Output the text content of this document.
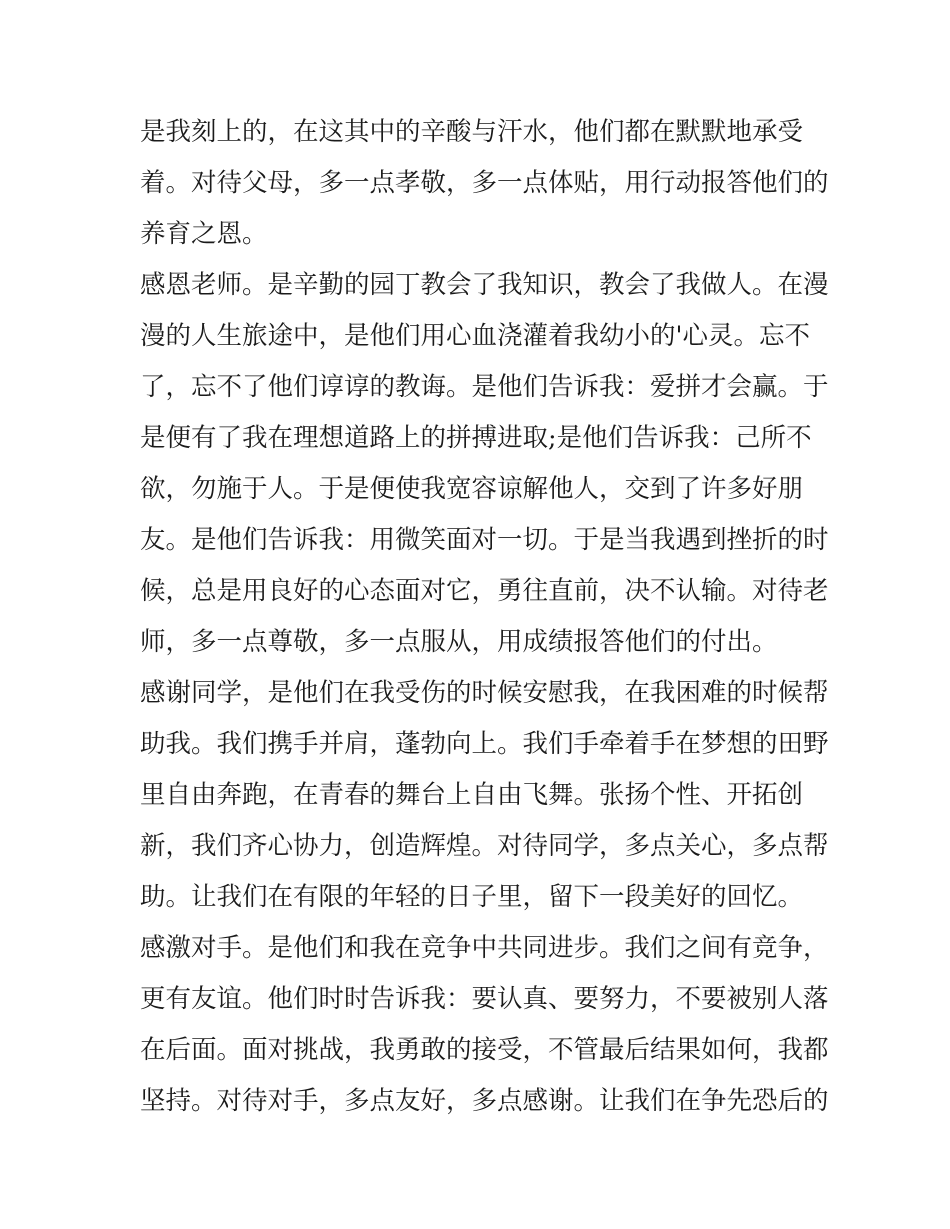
是我刻上的，在这其中的辛酸与汗水，他们都在默默地承受
着。对待父母，多一点孝敬，多一点体贴，用行动报答他们的
养育之恩。
感恩老师。是辛勤的园丁教会了我知识，教会了我做人。在漫
漫的人生旅途中，是他们用心血浇灌着我幼小的'心灵。忘不
了，忘不了他们谆谆的教诲。是他们告诉我：爱拼才会赢。于
是便有了我在理想道路上的拼搏进取;是他们告诉我：己所不
欲，勿施于人。于是便使我宽容谅解他人，交到了许多好朋
友。是他们告诉我：用微笑面对一切。于是当我遇到挫折的时
候，总是用良好的心态面对它，勇往直前，决不认输。对待老
师，多一点尊敬，多一点服从，用成绩报答他们的付出。
感谢同学，是他们在我受伤的时候安慰我，在我困难的时候帮
助我。我们携手并肩，蓬勃向上。我们手牵着手在梦想的田野
里自由奔跑，在青春的舞台上自由飞舞。张扬个性、开拓创
新，我们齐心协力，创造辉煌。对待同学，多点关心，多点帮
助。让我们在有限的年轻的日子里，留下一段美好的回忆。
感激对手。是他们和我在竞争中共同进步。我们之间有竞争，
更有友谊。他们时时告诉我：要认真、要努力，不要被别人落
在后面。面对挑战，我勇敢的接受，不管最后结果如何，我都
坚持。对待对手，多点友好，多点感谢。让我们在争先恐后的
